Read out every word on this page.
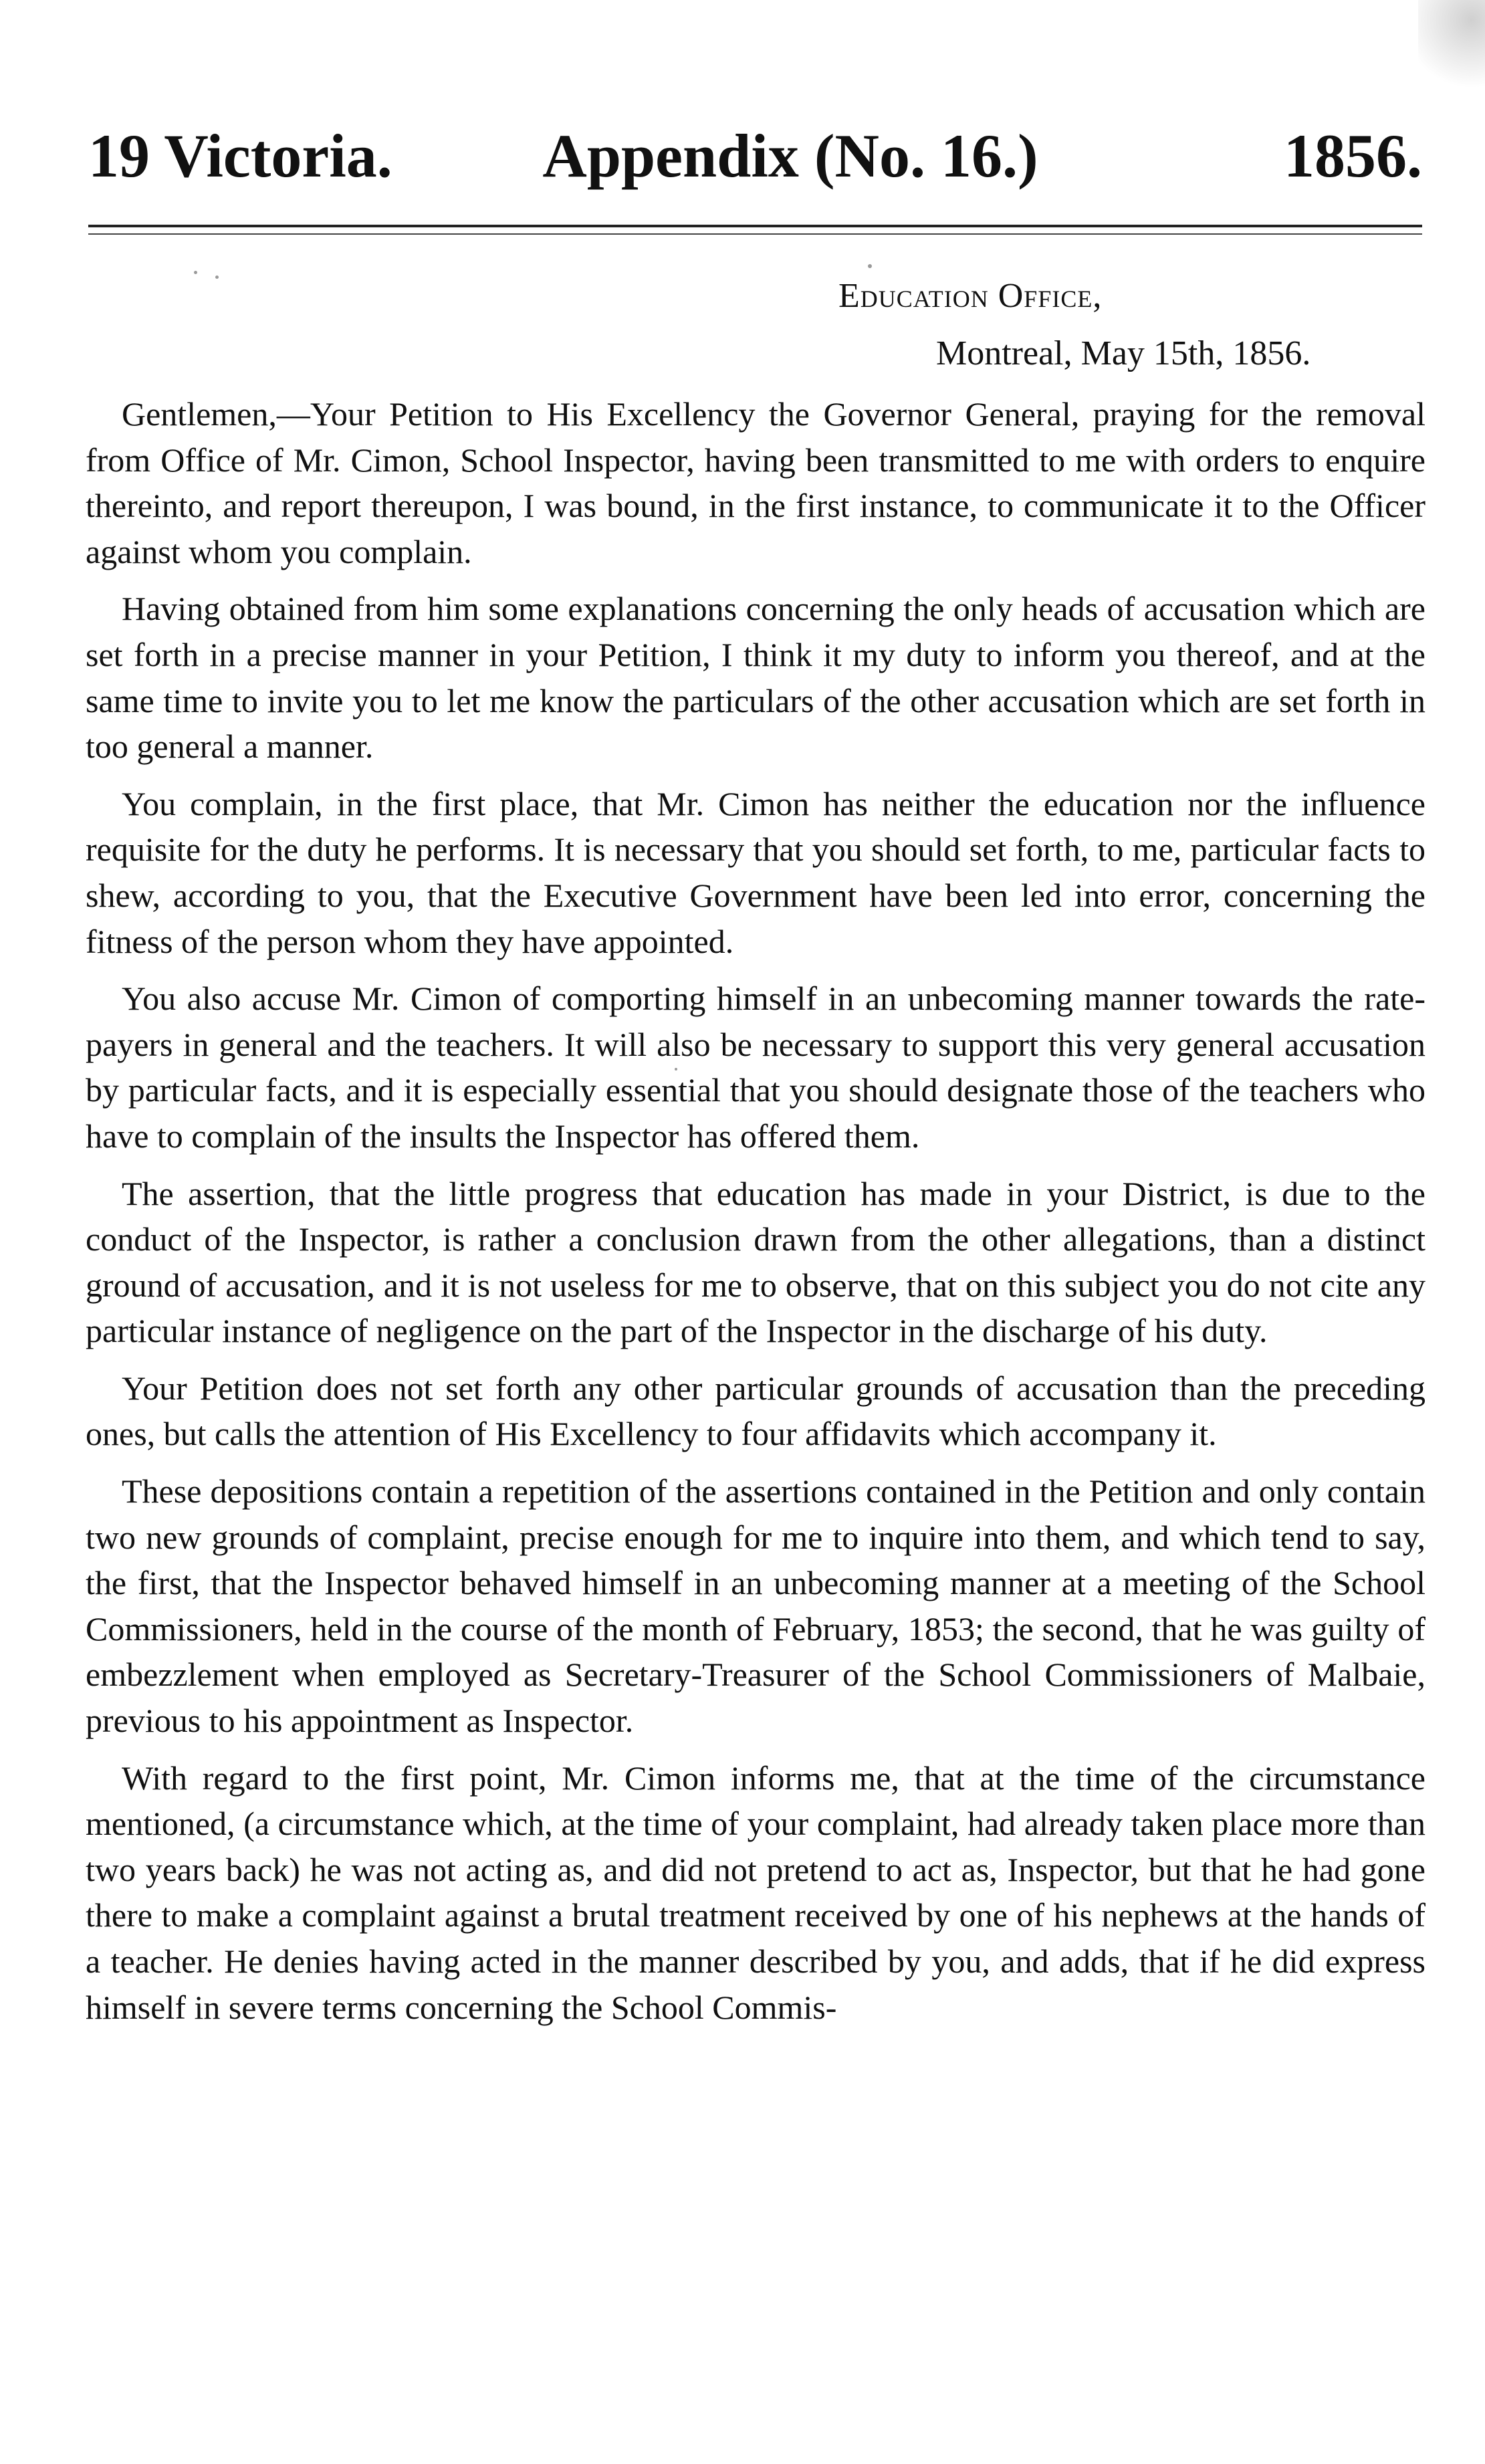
19 Victoria.	Appendix (No. 16.)	1856.
Education Office,
Montreal, May 15th, 1856.

Gentlemen,—Your Petition to His Excellency the Governor General, praying for the removal from Office of Mr. Cimon, School Inspector, having been transmitted to me with orders to enquire thereinto, and report thereupon, I was bound, in the first instance, to communicate it to the Officer against whom you complain.

Having obtained from him some explanations concerning the only heads of accusation which are set forth in a precise manner in your Petition, I think it my duty to inform you thereof, and at the same time to invite you to let me know the particulars of the other accusation which are set forth in too general a manner.

You complain, in the first place, that Mr. Cimon has neither the education nor the influence requisite for the duty he performs. It is necessary that you should set forth, to me, particular facts to shew, according to you, that the Executive Government have been led into error, concerning the fitness of the person whom they have appointed.

You also accuse Mr. Cimon of comporting himself in an unbecoming manner towards the rate-payers in general and the teachers. It will also be necessary to support this very general accusation by particular facts, and it is especially essential that you should designate those of the teachers who have to complain of the insults the Inspector has offered them.

The assertion, that the little progress that education has made in your District, is due to the conduct of the Inspector, is rather a conclusion drawn from the other allegations, than a distinct ground of accusation, and it is not useless for me to observe, that on this subject you do not cite any particular instance of negligence on the part of the Inspector in the discharge of his duty.

Your Petition does not set forth any other particular grounds of accusation than the preceding ones, but calls the attention of His Excellency to four affidavits which accompany it.

These depositions contain a repetition of the assertions contained in the Petition and only contain two new grounds of complaint, precise enough for me to inquire into them, and which tend to say, the first, that the Inspector behaved himself in an unbecoming manner at a meeting of the School Commissioners, held in the course of the month of February, 1853; the second, that he was guilty of embezzlement when employed as Secretary-Treasurer of the School Commissioners of Malbaie, previous to his appointment as Inspector.

With regard to the first point, Mr. Cimon informs me, that at the time of the circumstance mentioned, (a circumstance which, at the time of your complaint, had already taken place more than two years back) he was not acting as, and did not pretend to act as, Inspector, but that he had gone there to make a complaint against a brutal treatment received by one of his nephews at the hands of a teacher. He denies having acted in the manner described by you, and adds, that if he did express himself in severe terms concerning the School Commis-
